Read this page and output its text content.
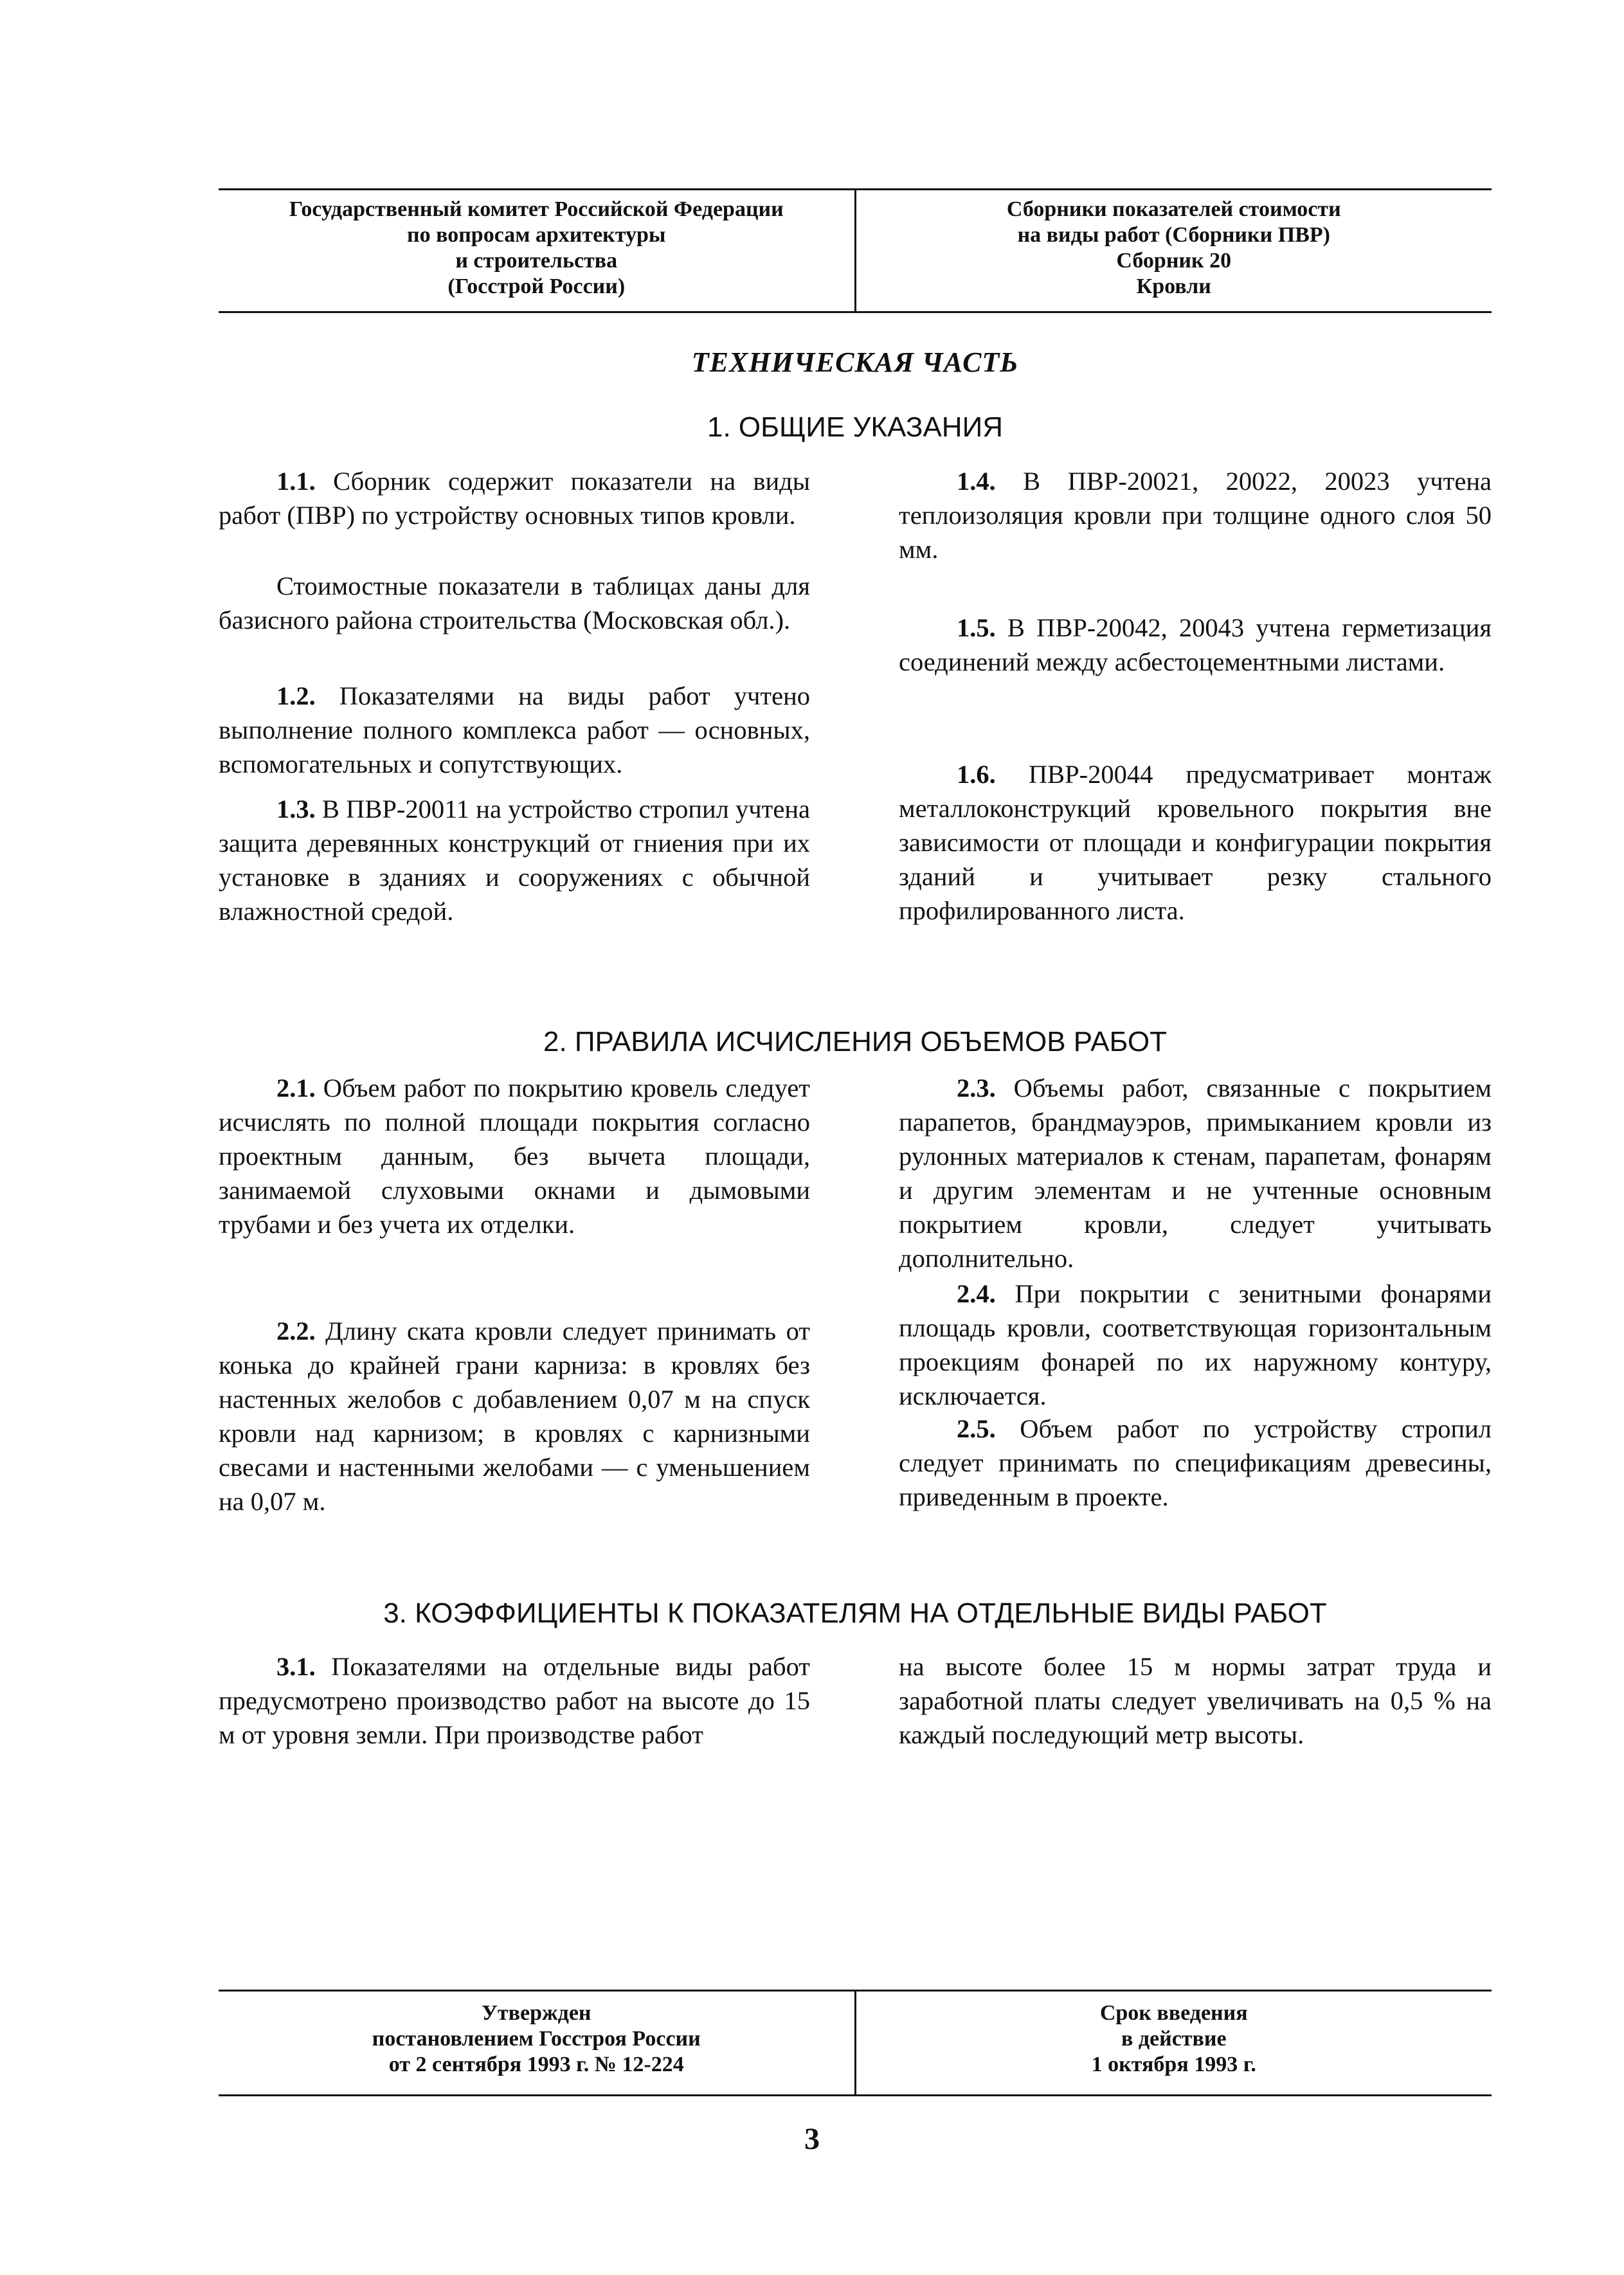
Государственный комитет Российской Федерации
по вопросам архитектуры
и строительства
(Госстрой России)
Сборники показателей стоимости
на виды работ (Сборники ПВР)
Сборник 20
Кровли
ТЕХНИЧЕСКАЯ ЧАСТЬ
1. ОБЩИЕ УКАЗАНИЯ

1.1. Сборник содержит показатели на виды работ (ПВР) по устройству основных типов кровли.

Стоимостные показатели в таблицах даны для базисного района строительства (Московская обл.).

1.2. Показателями на виды работ учтено выполнение полного комплекса работ — основных, вспомогательных и сопутствующих.

1.3. В ПВР-20011 на устройство стропил учтена защита деревянных конструкций от гниения при их установке в зданиях и сооружениях с обычной влажностной средой.

1.4. В ПВР-20021, 20022, 20023 учтена теплоизоляция кровли при толщине одного слоя 50 мм.

1.5. В ПВР-20042, 20043 учтена герметизация соединений между асбестоцементными листами.

1.6. ПВР-20044 предусматривает монтаж металлоконструкций кровельного покрытия вне зависимости от площади и конфигурации покрытия зданий и учитывает резку стального профилированного листа.

2. ПРАВИЛА ИСЧИСЛЕНИЯ ОБЪЕМОВ РАБОТ

2.1. Объем работ по покрытию кровель следует исчислять по полной площади покрытия согласно проектным данным, без вычета площади, занимаемой слуховыми окнами и дымовыми трубами и без учета их отделки.

2.2. Длину ската кровли следует принимать от конька до крайней грани карниза: в кровлях без настенных желобов с добавлением 0,07 м на спуск кровли над карнизом; в кровлях с карнизными свесами и настенными желобами — с уменьшением на 0,07 м.

2.3. Объемы работ, связанные с покрытием парапетов, брандмауэров, примыканием кровли из рулонных материалов к стенам, парапетам, фонарям и другим элементам и не учтенные основным покрытием кровли, следует учитывать дополнительно.

2.4. При покрытии с зенитными фонарями площадь кровли, соответствующая горизонтальным проекциям фонарей по их наружному контуру, исключается.

2.5. Объем работ по устройству стропил следует принимать по спецификациям древесины, приведенным в проекте.

3. КОЭФФИЦИЕНТЫ К ПОКАЗАТЕЛЯМ НА ОТДЕЛЬНЫЕ ВИДЫ РАБОТ

3.1. Показателями на отдельные виды работ предусмотрено производство работ на высоте до 15 м от уровня земли. При производстве работ

на высоте более 15 м нормы затрат труда и заработной платы следует увеличивать на 0,5 % на каждый последующий метр высоты.

Утвержден
постановлением Госстроя России
от 2 сентября 1993 г. № 12-224
Срок введения
в действие
1 октября 1993 г.
3
